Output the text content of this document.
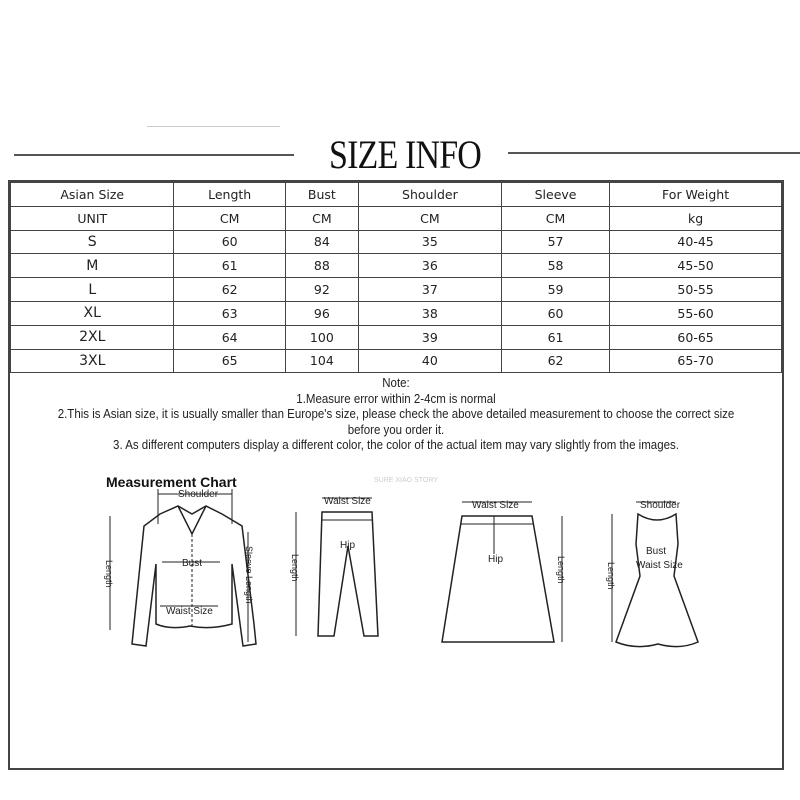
SIZE INFO
Asian Size	Length	Bust	Shoulder	Sleeve	For Weight
UNIT	CM	CM	CM	CM	kg
S	60	84	35	57	40-45
M	61	88	36	58	45-50
L	62	92	37	59	50-55
XL	63	96	38	60	55-60
2XL	64	100	39	61	60-65
3XL	65	104	40	62	65-70
Note:
1.Measure error within 2-4cm is normal
2.This is Asian size, it is usually smaller than Europe's size, please check the above detailed measurement to choose the correct size before you order it.
3. As different computers display a different color, the color of the actual item may vary slightly from the images.
Measurement Chart	SURE XIAO STORY
Shoulder
Bust
Waist Size
Length	Sleeve Length
Waist Size
Hip
Length
Waist Size
Hip	Length
Shoulder
Bust
Waist Size
Length
